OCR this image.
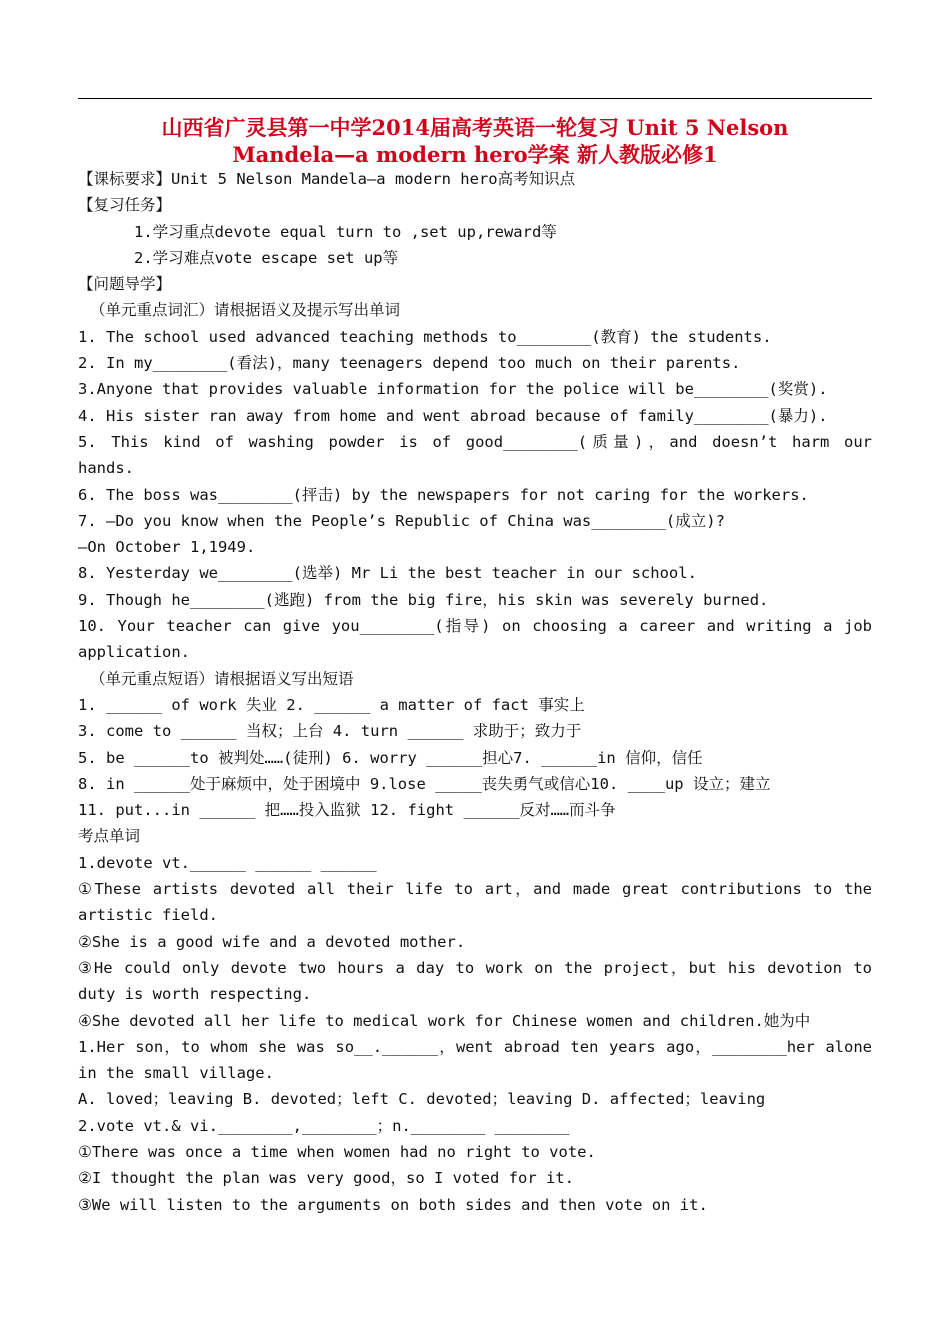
山西省广灵县第一中学2014届高考英语一轮复习 Unit 5 Nelson
Mandela—a modern hero学案 新人教版必修1
【课标要求】Unit 5 Nelson Mandela—a modern hero高考知识点
【复习任务】
1.学习重点devote equal turn to ,set up,reward等
2.学习难点vote escape set up等
【问题导学】
（单元重点词汇）请根据语义及提示写出单词
1. The school used advanced teaching methods to________(教育) the students.
2. In my________(看法)，many teenagers depend too much on their parents.
3.Anyone that provides valuable information for the police will be________(奖赏).
4. His sister ran away from home and went abroad because of family________(暴力).
5. This kind of washing powder is of good________(质量)，and doesn’t harm our
hands.
6. The boss was________(抨击) by the newspapers for not caring for the workers.
7. —Do you know when the People’s Republic of China was________(成立)?
—On October 1,1949.
8. Yesterday we________(选举) Mr Li the best teacher in our school.
9. Though he________(逃跑) from the big fire，his skin was severely burned.
10. Your teacher can give you________(指导) on choosing a career and writing a job
application.
（单元重点短语）请根据语义写出短语
1. ______ of work 失业 2. ______ a matter of fact 事实上
3. come to ______ 当权；上台 4. turn ______ 求助于；致力于
5. be ______to 被判处……(徒刑) 6. worry ______担心7. ______in 信仰，信任
8. in ______处于麻烦中，处于困境中 9.lose _____丧失勇气或信心10. ____up 设立；建立
11. put...in ______ 把……投入监狱 12. fight ______反对……而斗争
考点单词
1.devote vt.______ ______ ______
①These artists devoted all their life to art，and made great contributions to the
artistic field.
②She is a good wife and a devoted mother.
③He could only devote two hours a day to work on the project，but his devotion to
duty is worth respecting.
④She devoted all her life to medical work for Chinese women and children.她为中
1.Her son，to whom she was so__.______，went abroad ten years ago，________her alone
in the small village.
A. loved；leaving B. devoted；left C. devoted；leaving D. affected；leaving
2.vote vt.& vi.________,________；n.________ ________
①There was once a time when women had no right to vote.
②I thought the plan was very good，so I voted for it.
③We will listen to the arguments on both sides and then vote on it.
